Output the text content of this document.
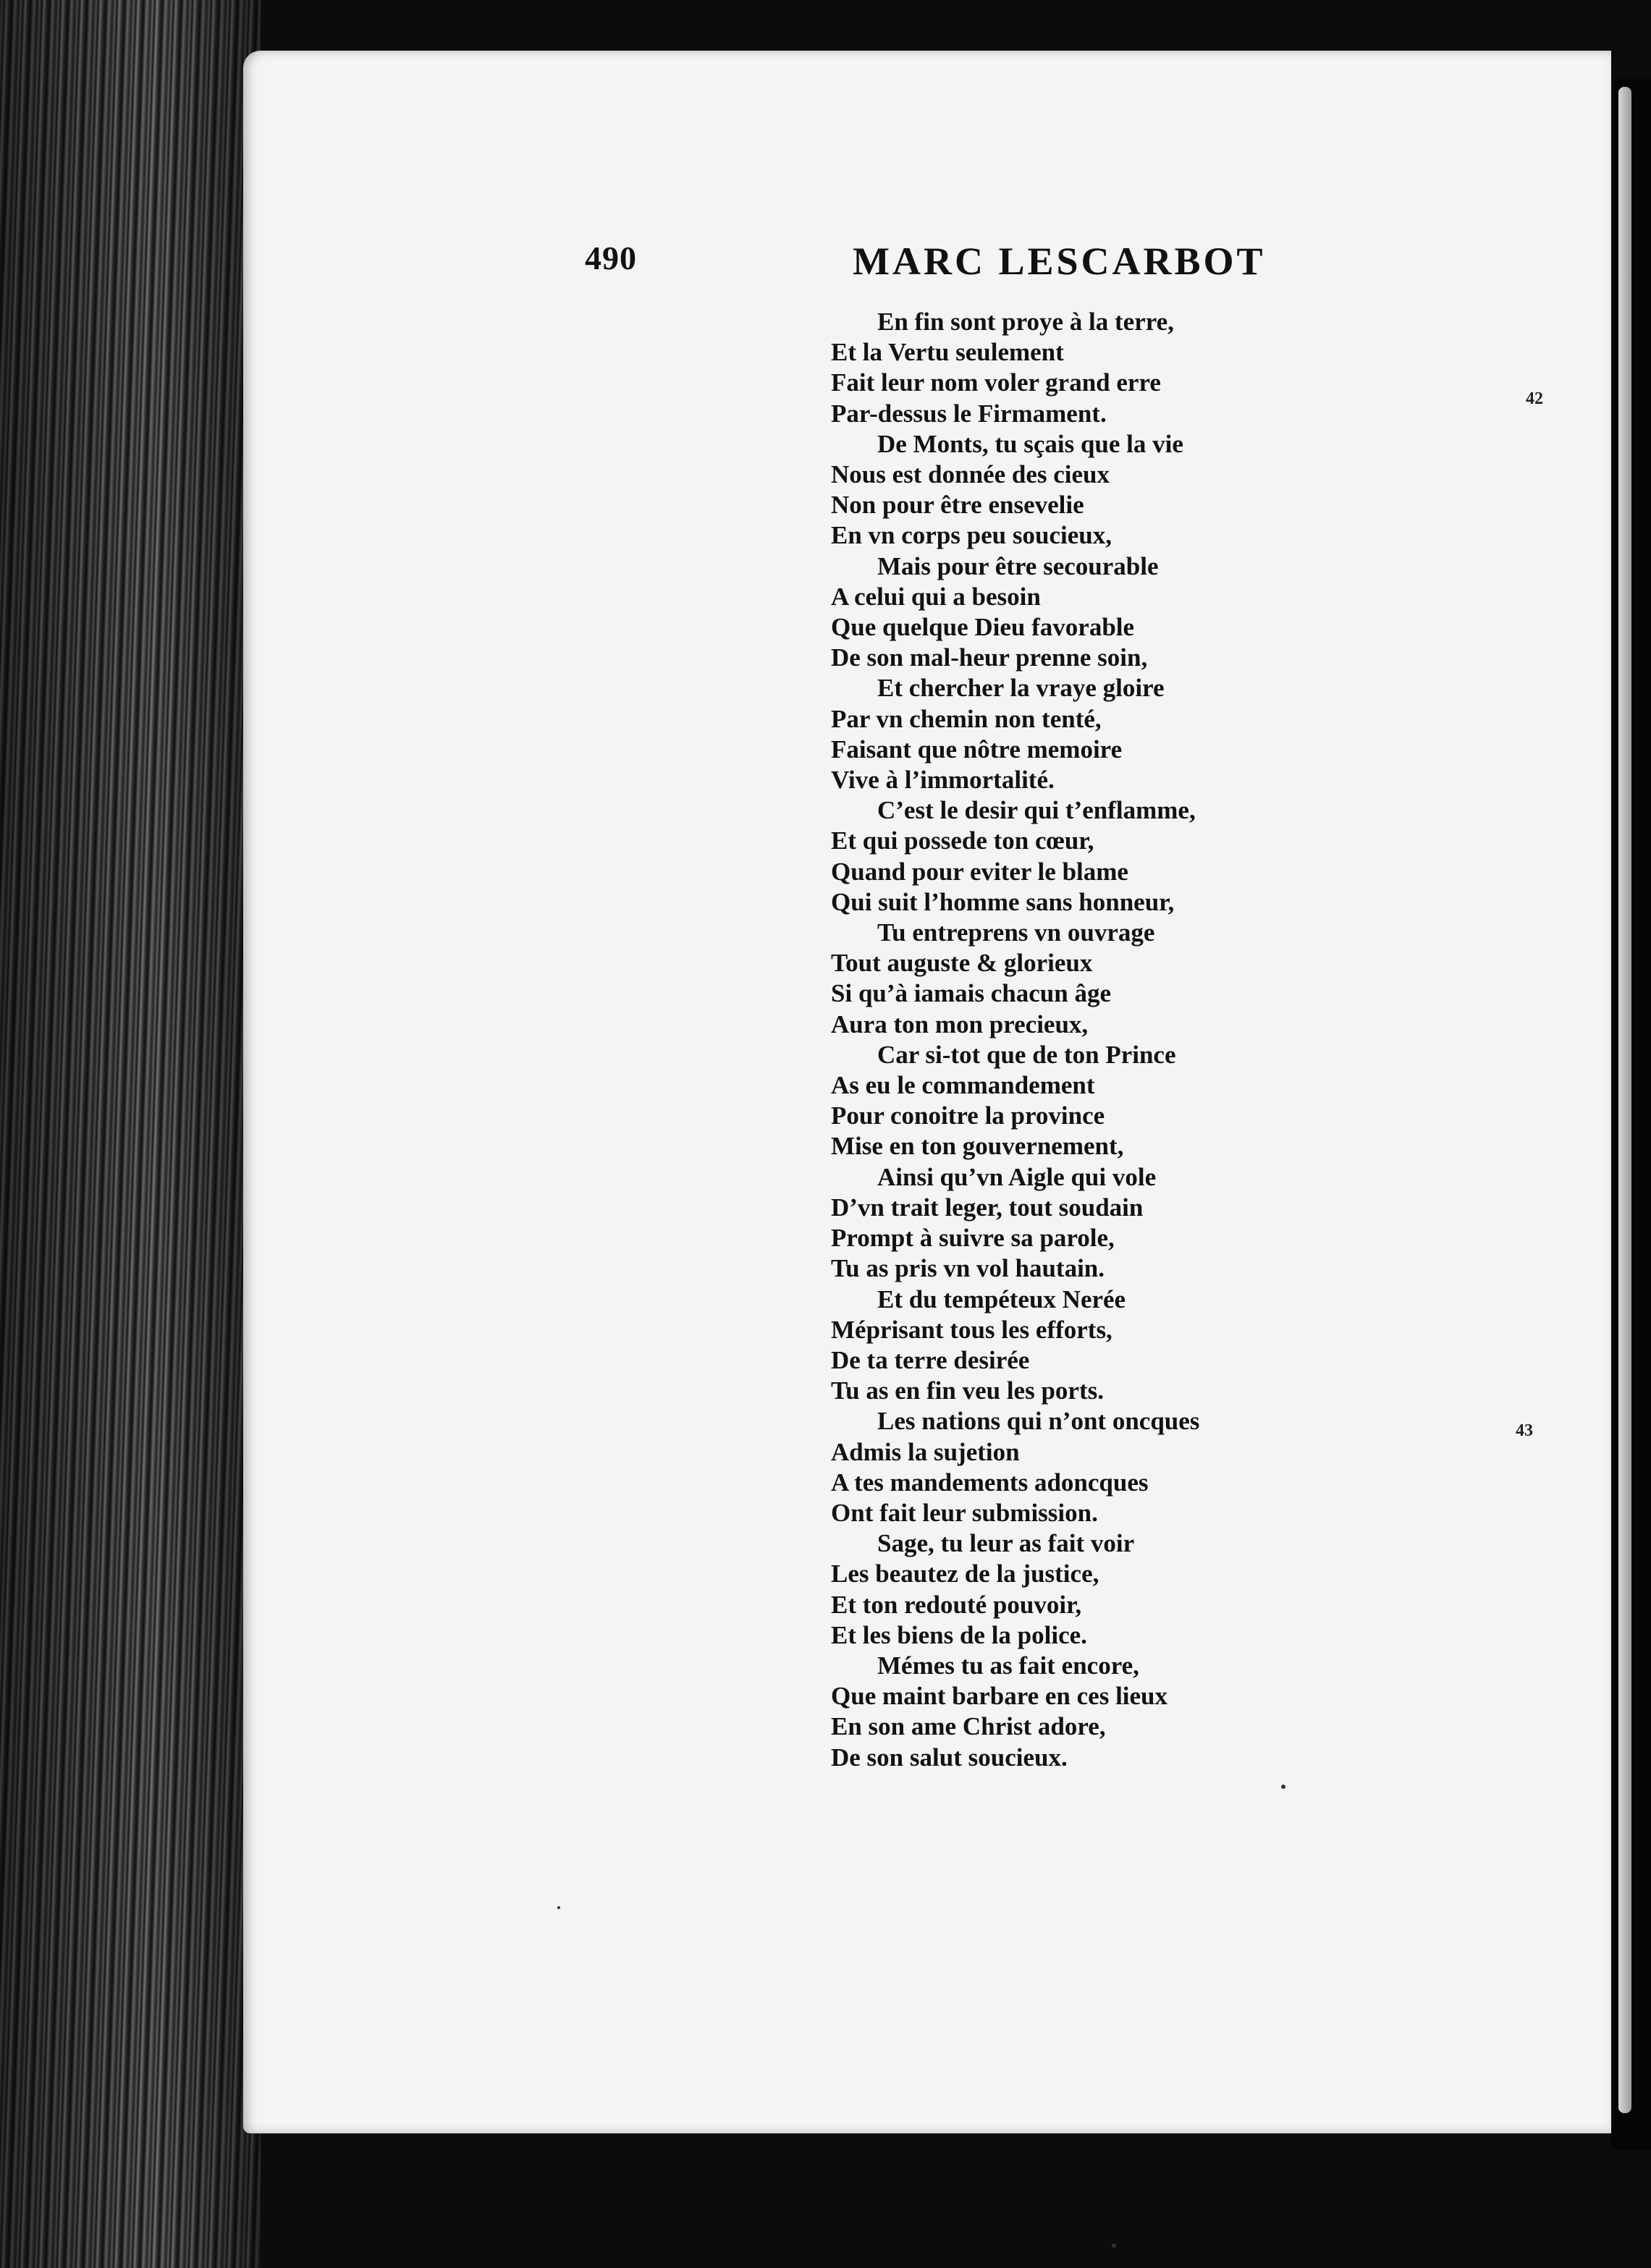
490	MARC LESCARBOT
En fin sont proye à la terre,
Et la Vertu seulement
Fait leur nom voler grand erre
Par-dessus le Firmament.
De Monts, tu sçais que la vie
Nous est donnée des cieux
Non pour être ensevelie
En vn corps peu soucieux,
Mais pour être secourable
A celui qui a besoin
Que quelque Dieu favorable
De son mal-heur prenne soin,
Et chercher la vraye gloire
Par vn chemin non tenté,
Faisant que nôtre memoire
Vive à l’immortalité.
C’est le desir qui t’enflamme,
Et qui possede ton cœur,
Quand pour eviter le blame
Qui suit l’homme sans honneur,
Tu entreprens vn ouvrage
Tout auguste & glorieux
Si qu’à iamais chacun âge
Aura ton mon precieux,
Car si-tot que de ton Prince
As eu le commandement
Pour conoitre la province
Mise en ton gouvernement,
Ainsi qu’vn Aigle qui vole
D’vn trait leger, tout soudain
Prompt à suivre sa parole,
Tu as pris vn vol hautain.
Et du tempéteux Nerée
Méprisant tous les efforts,
De ta terre desirée
Tu as en fin veu les ports.
Les nations qui n’ont oncques
Admis la sujetion
A tes mandements adoncques
Ont fait leur submission.
Sage, tu leur as fait voir
Les beautez de la justice,
Et ton redouté pouvoir,
Et les biens de la police.
Mémes tu as fait encore,
Que maint barbare en ces lieux
En son ame Christ adore,
De son salut soucieux.
42
43
